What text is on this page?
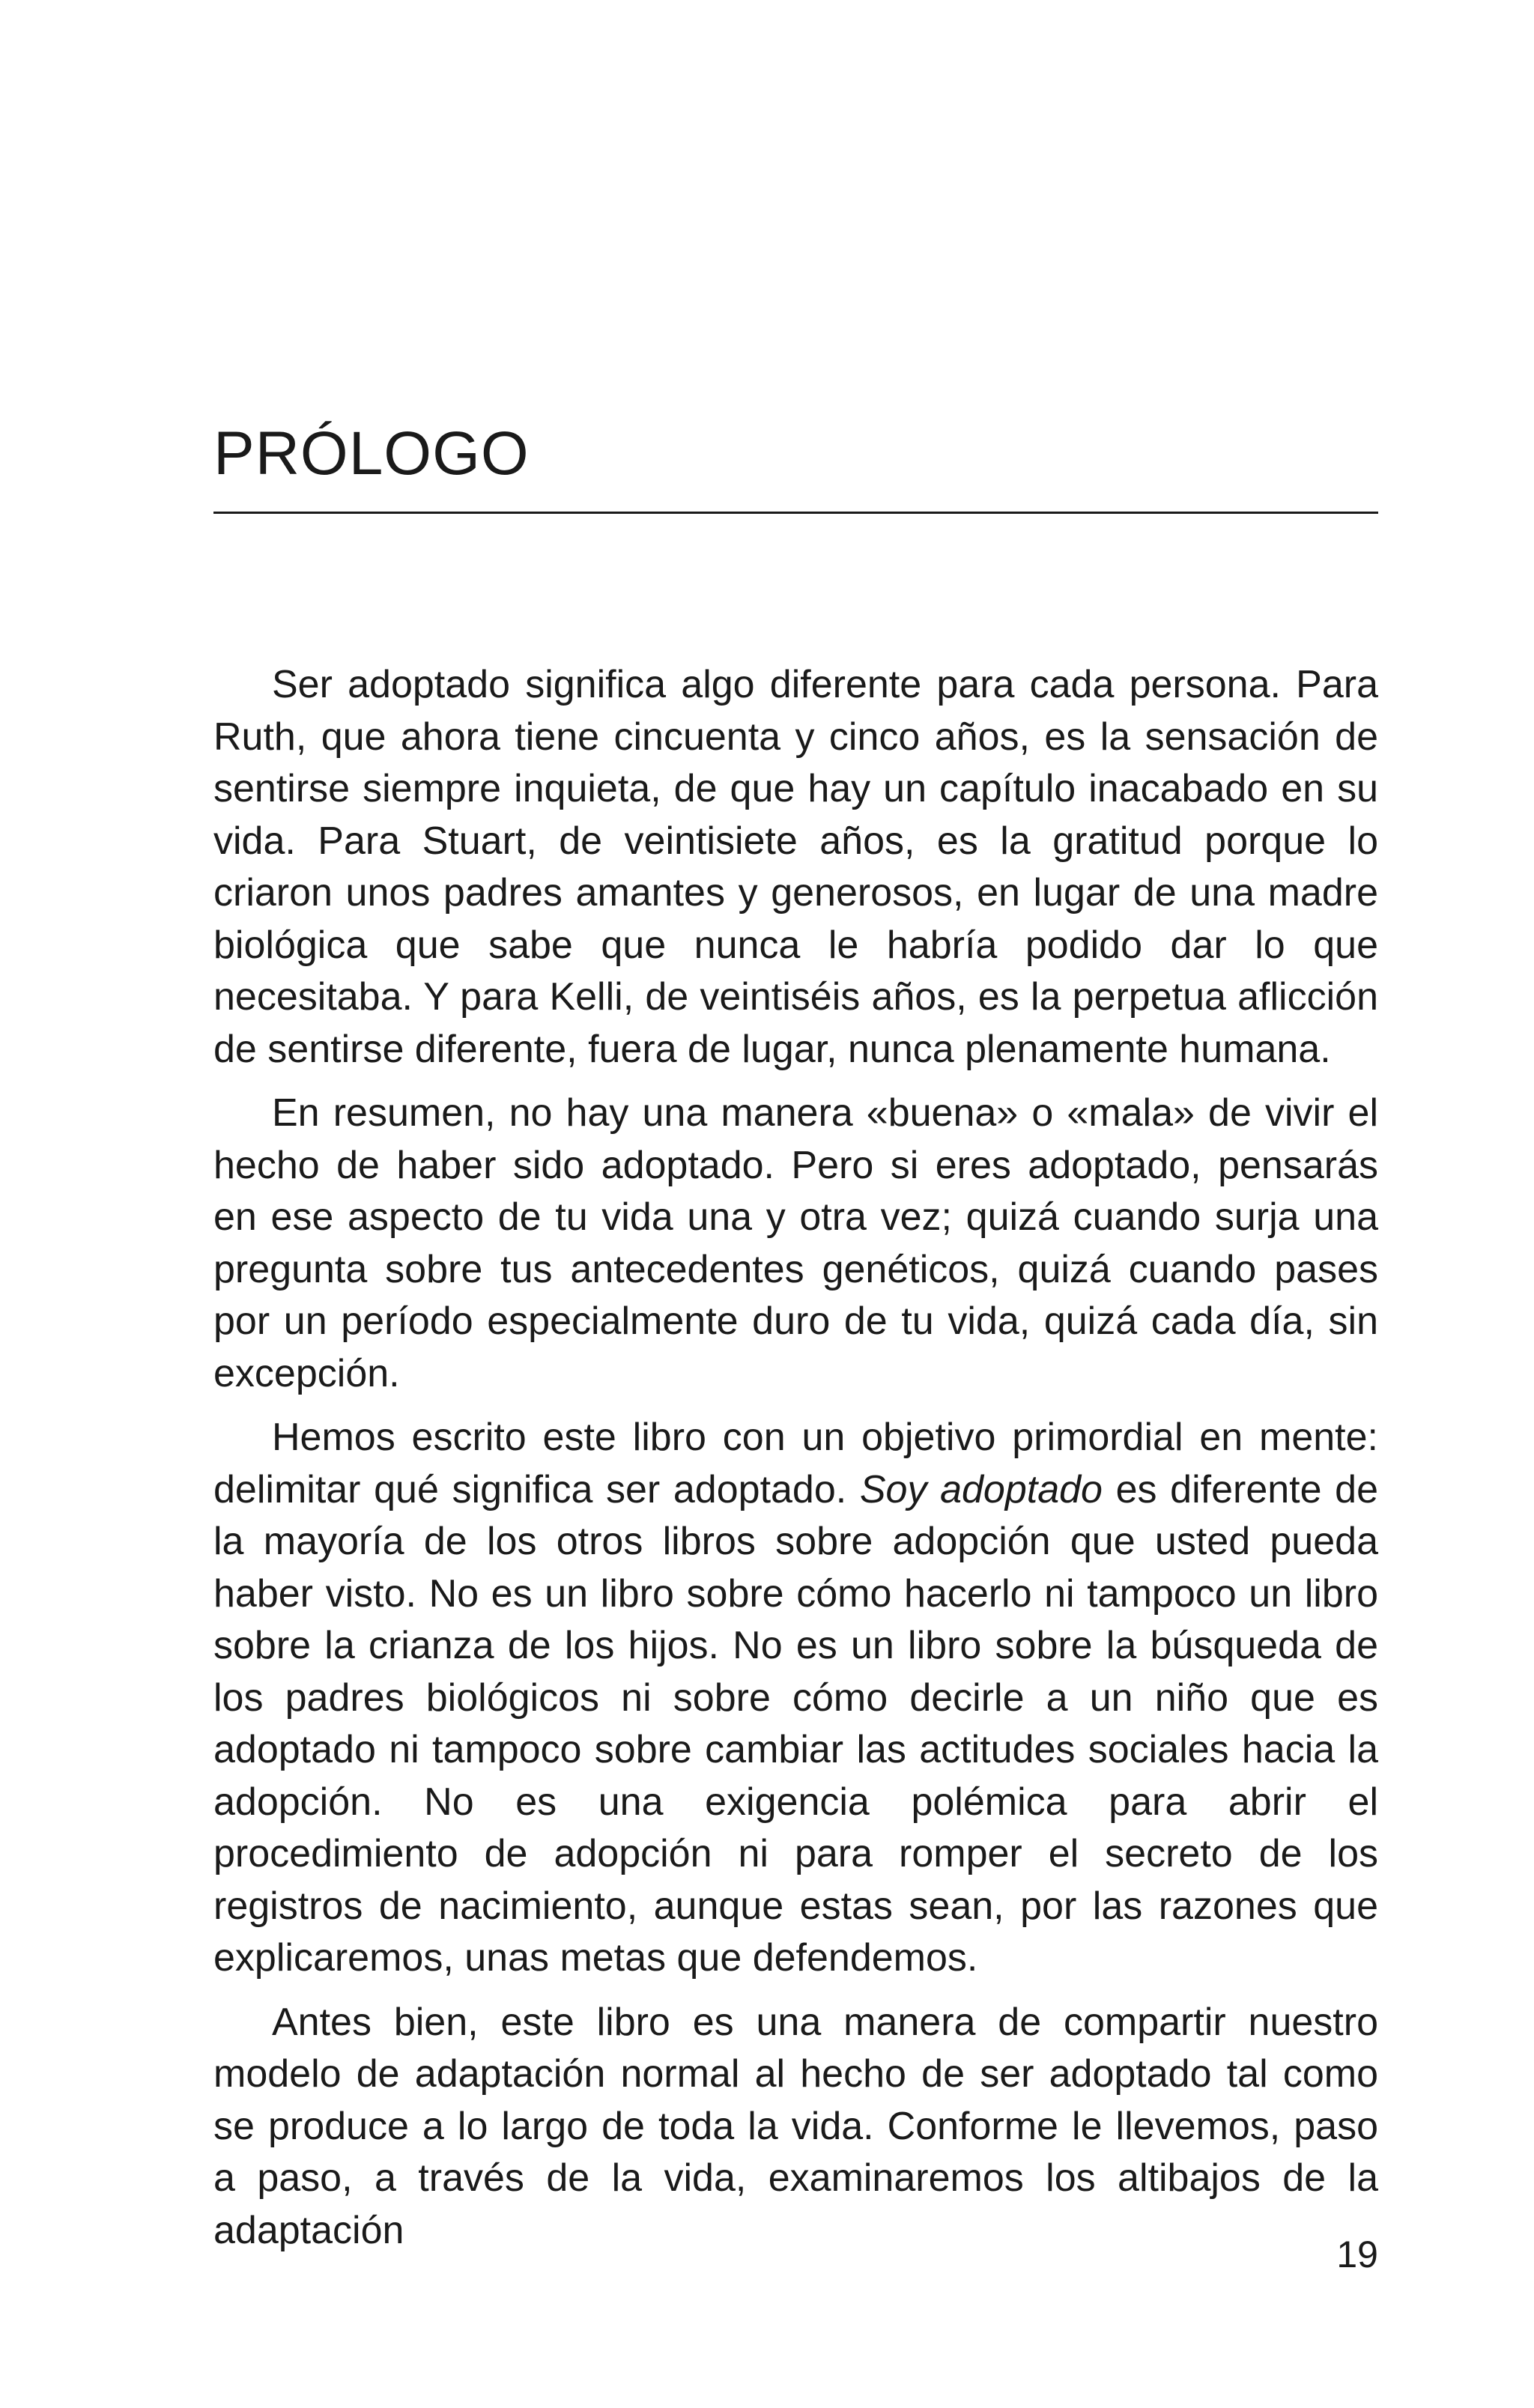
PRÓLOGO

Ser adoptado significa algo diferente para cada persona. Para Ruth, que ahora tiene cincuenta y cinco años, es la sensación de sentirse siempre inquieta, de que hay un capítulo inacabado en su vida. Para Stuart, de veintisiete años, es la gratitud porque lo criaron unos padres amantes y generosos, en lugar de una madre biológica que sabe que nunca le habría podido dar lo que necesitaba. Y para Kelli, de veintiséis años, es la perpetua aflicción de sentirse diferente, fuera de lugar, nunca plenamente humana.

En resumen, no hay una manera «buena» o «mala» de vivir el hecho de haber sido adoptado. Pero si eres adoptado, pensarás en ese aspecto de tu vida una y otra vez; quizá cuando surja una pregunta sobre tus antecedentes genéticos, quizá cuando pases por un período especialmente duro de tu vida, quizá cada día, sin excepción.

Hemos escrito este libro con un objetivo primordial en mente: delimitar qué significa ser adoptado. Soy adoptado es diferente de la mayoría de los otros libros sobre adopción que usted pueda haber visto. No es un libro sobre cómo hacerlo ni tampoco un libro sobre la crianza de los hijos. No es un libro sobre la búsqueda de los padres biológicos ni sobre cómo decirle a un niño que es adoptado ni tampoco sobre cambiar las actitudes sociales hacia la adopción. No es una exigencia polémica para abrir el procedimiento de adopción ni para romper el secreto de los registros de nacimiento, aunque estas sean, por las razones que explicaremos, unas metas que defendemos.

Antes bien, este libro es una manera de compartir nuestro modelo de adaptación normal al hecho de ser adoptado tal como se produce a lo largo de toda la vida. Conforme le llevemos, paso a paso, a través de la vida, examinaremos los altibajos de la adaptación

19
